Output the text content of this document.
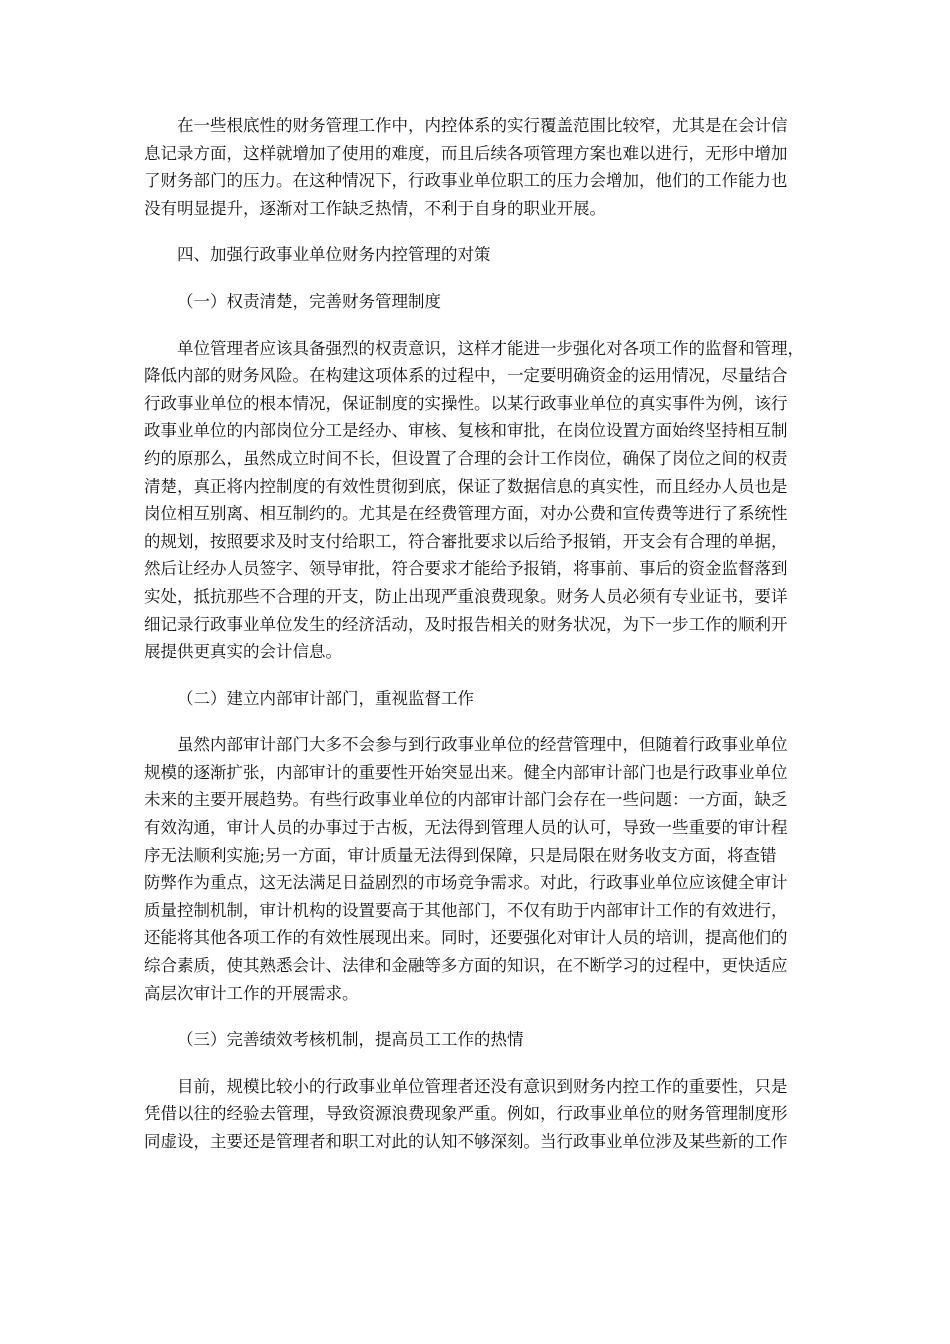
在一些根底性的财务管理工作中，内控体系的实行覆盖范围比较窄，尤其是在会计信
息记录方面，这样就增加了使用的难度，而且后续各项管理方案也难以进行，无形中增加
了财务部门的压力。在这种情况下，行政事业单位职工的压力会增加，他们的工作能力也
没有明显提升，逐渐对工作缺乏热情，不利于自身的职业开展。

四、加强行政事业单位财务内控管理的对策

（一）权责清楚，完善财务管理制度

单位管理者应该具备强烈的权责意识，这样才能进一步强化对各项工作的监督和管理，
降低内部的财务风险。在构建这项体系的过程中，一定要明确资金的运用情况，尽量结合
行政事业单位的根本情况，保证制度的实操性。以某行政事业单位的真实事件为例，该行
政事业单位的内部岗位分工是经办、审核、复核和审批，在岗位设置方面始终坚持相互制
约的原那么，虽然成立时间不长，但设置了合理的会计工作岗位，确保了岗位之间的权责
清楚，真正将内控制度的有效性贯彻到底，保证了数据信息的真实性，而且经办人员也是
岗位相互别离、相互制约的。尤其是在经费管理方面，对办公费和宣传费等进行了系统性
的规划，按照要求及时支付给职工，符合審批要求以后给予报销，开支会有合理的单据，
然后让经办人员签字、领导审批，符合要求才能给予报销，将事前、事后的资金监督落到
实处，抵抗那些不合理的开支，防止出现严重浪费现象。财务人员必须有专业证书，要详
细记录行政事业单位发生的经济活动，及时报告相关的财务状况，为下一步工作的顺利开
展提供更真实的会计信息。

（二）建立内部审计部门，重视监督工作

虽然内部审计部门大多不会参与到行政事业单位的经营管理中，但随着行政事业单位
规模的逐渐扩张，内部审计的重要性开始突显出来。健全内部审计部门也是行政事业单位
未来的主要开展趋势。有些行政事业单位的内部审计部门会存在一些问题：一方面，缺乏
有效沟通，审计人员的办事过于古板，无法得到管理人员的认可，导致一些重要的审计程
序无法顺利实施;另一方面，审计质量无法得到保障，只是局限在财务收支方面，将查错
防弊作为重点，这无法满足日益剧烈的市场竞争需求。对此，行政事业单位应该健全审计
质量控制机制，审计机构的设置要高于其他部门，不仅有助于内部审计工作的有效进行，
还能将其他各项工作的有效性展现出来。同时，还要强化对审计人员的培训，提高他们的
综合素质，使其熟悉会计、法律和金融等多方面的知识，在不断学习的过程中，更快适应
高层次审计工作的开展需求。

（三）完善绩效考核机制，提高员工工作的热情

目前，规模比较小的行政事业单位管理者还没有意识到财务内控工作的重要性，只是
凭借以往的经验去管理，导致资源浪费现象严重。例如，行政事业单位的财务管理制度形
同虚设，主要还是管理者和职工对此的认知不够深刻。当行政事业单位涉及某些新的工作
